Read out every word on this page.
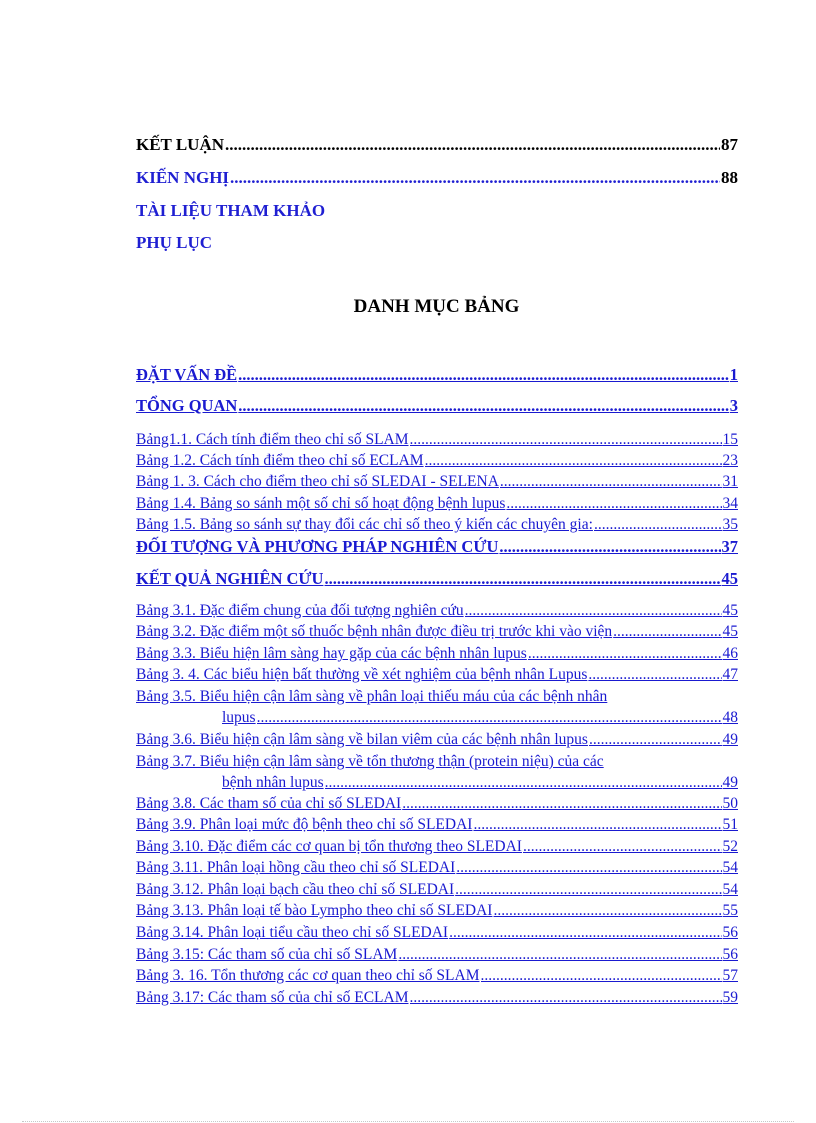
KẾT LUẬN .....	87
KIẾN NGHỊ .....	88
TÀI LIỆU THAM KHẢO
PHỤ LỤC
DANH MỤC BẢNG
ĐẶT VẤN ĐỀ .....	1
TỔNG QUAN .....	3
Bảng1.1. Cách tính điểm theo chỉ số SLAM .....	15
Bảng 1.2. Cách tính điểm theo chỉ số ECLAM .....	23
Bảng 1. 3. Cách cho điểm theo chỉ số SLEDAI - SELENA .....	31
Bảng 1.4. Bảng so sánh một số chỉ số hoạt động bệnh lupus .....	34
Bảng 1.5. Bảng so sánh sự thay đổi các chỉ số theo ý kiến các chuyên gia: .....	35
ĐỐI TƯỢNG VÀ PHƯƠNG PHÁP NGHIÊN CỨU .....	37
KẾT QUẢ NGHIÊN CỨU .....	45
Bảng 3.1. Đặc điểm chung của đối tượng nghiên cứu .....	45
Bảng 3.2. Đặc điểm một số thuốc bệnh nhân được điều trị trước khi vào viện .....	45
Bảng 3.3. Biểu hiện lâm sàng hay gặp của các bệnh nhân lupus .....	46
Bảng 3. 4. Các biểu hiện bất thường về xét nghiệm của bệnh nhân Lupus .....	47
Bảng 3.5. Biểu hiện cận lâm sàng về phân loại thiếu máu của các bệnh nhân
lupus .....	48
Bảng 3.6. Biểu hiện cận lâm sàng về bilan viêm của các bệnh nhân lupus .....	49
Bảng 3.7. Biểu hiện cận lâm sàng về tổn thương thận (protein niệu) của các
bệnh nhân lupus .....	49
Bảng 3.8. Các tham số của chỉ số SLEDAI .....	50
Bảng 3.9. Phân loại mức độ bệnh theo chỉ số SLEDAI .....	51
Bảng 3.10. Đặc điểm các cơ quan bị tổn thương theo SLEDAI .....	52
Bảng 3.11. Phân loại hồng cầu theo chỉ số SLEDAI .....	54
Bảng 3.12. Phân loại bạch cầu theo chỉ số SLEDAI .....	54
Bảng 3.13. Phân loại tế bào Lympho theo chỉ số SLEDAI .....	55
Bảng 3.14. Phân loại tiểu cầu theo chỉ số SLEDAI .....	56
Bảng 3.15: Các tham số của chỉ số SLAM .....	56
Bảng 3. 16. Tổn thương các cơ quan theo chỉ số SLAM .....	57
Bảng 3.17: Các tham số của chỉ số ECLAM .....	59
